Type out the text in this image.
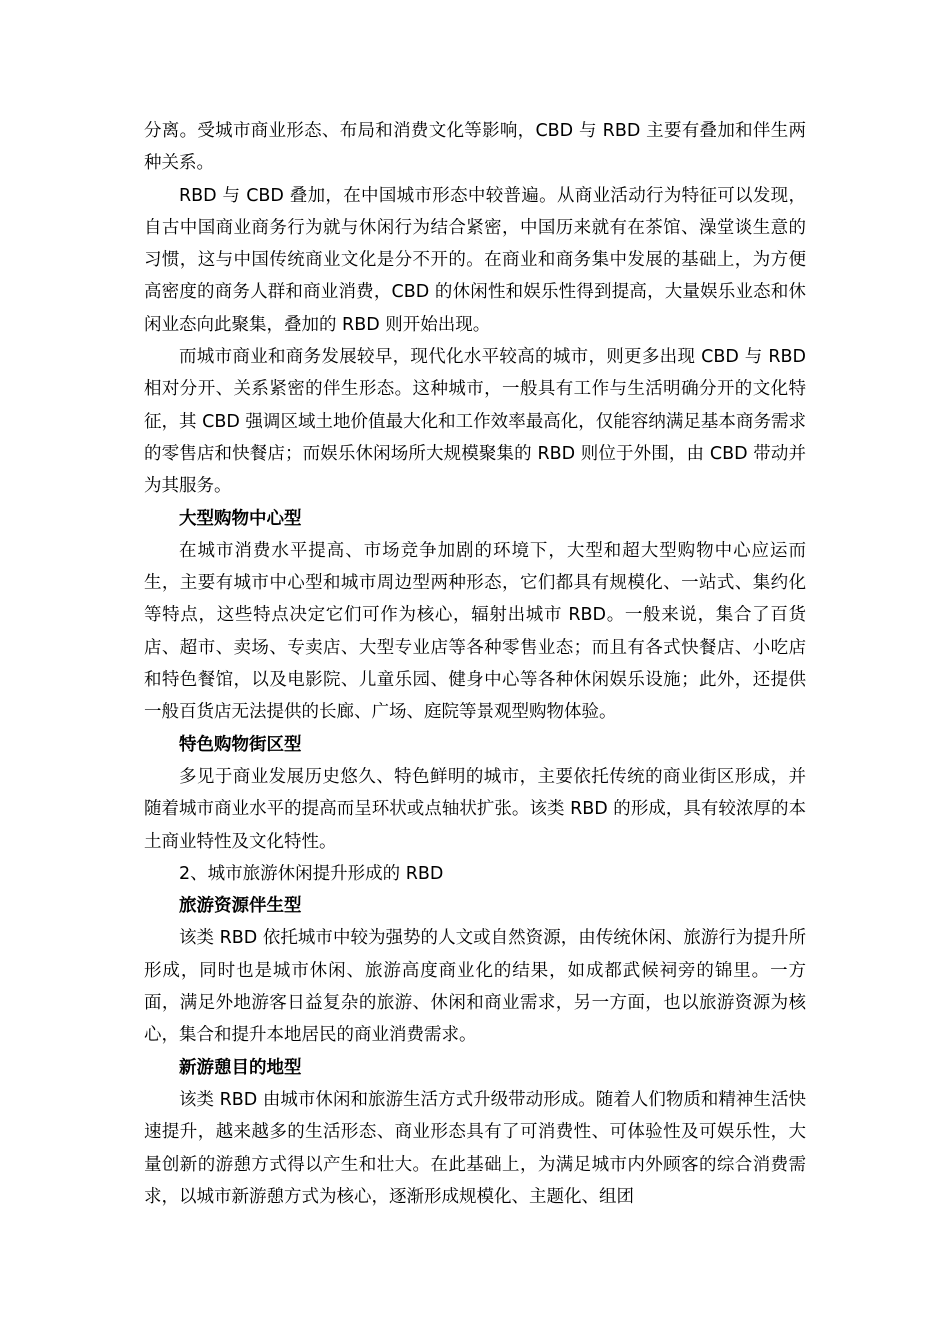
分离。受城市商业形态、布局和消费文化等影响，CBD 与 RBD 主要有叠加和伴生两种关系。

RBD 与 CBD 叠加，在中国城市形态中较普遍。从商业活动行为特征可以发现，自古中国商业商务行为就与休闲行为结合紧密，中国历来就有在茶馆、澡堂谈生意的习惯，这与中国传统商业文化是分不开的。在商业和商务集中发展的基础上，为方便高密度的商务人群和商业消费，CBD 的休闲性和娱乐性得到提高，大量娱乐业态和休闲业态向此聚集，叠加的 RBD 则开始出现。

而城市商业和商务发展较早，现代化水平较高的城市，则更多出现 CBD 与 RBD 相对分开、关系紧密的伴生形态。这种城市，一般具有工作与生活明确分开的文化特征，其 CBD 强调区域土地价值最大化和工作效率最高化，仅能容纳满足基本商务需求的零售店和快餐店；而娱乐休闲场所大规模聚集的 RBD 则位于外围，由 CBD 带动并为其服务。

大型购物中心型

在城市消费水平提高、市场竞争加剧的环境下，大型和超大型购物中心应运而生，主要有城市中心型和城市周边型两种形态，它们都具有规模化、一站式、集约化等特点，这些特点决定它们可作为核心，辐射出城市 RBD。一般来说，集合了百货店、超市、卖场、专卖店、大型专业店等各种零售业态；而且有各式快餐店、小吃店和特色餐馆，以及电影院、儿童乐园、健身中心等各种休闲娱乐设施；此外，还提供一般百货店无法提供的长廊、广场、庭院等景观型购物体验。

特色购物街区型

多见于商业发展历史悠久、特色鲜明的城市，主要依托传统的商业街区形成，并随着城市商业水平的提高而呈环状或点轴状扩张。该类 RBD 的形成，具有较浓厚的本土商业特性及文化特性。

2、城市旅游休闲提升形成的 RBD

旅游资源伴生型

该类 RBD 依托城市中较为强势的人文或自然资源，由传统休闲、旅游行为提升所形成，同时也是城市休闲、旅游高度商业化的结果，如成都武候祠旁的锦里。一方面，满足外地游客日益复杂的旅游、休闲和商业需求，另一方面，也以旅游资源为核心，集合和提升本地居民的商业消费需求。

新游憩目的地型

该类 RBD 由城市休闲和旅游生活方式升级带动形成。随着人们物质和精神生活快速提升，越来越多的生活形态、商业形态具有了可消费性、可体验性及可娱乐性，大量创新的游憩方式得以产生和壮大。在此基础上，为满足城市内外顾客的综合消费需求，以城市新游憩方式为核心，逐渐形成规模化、主题化、组团
